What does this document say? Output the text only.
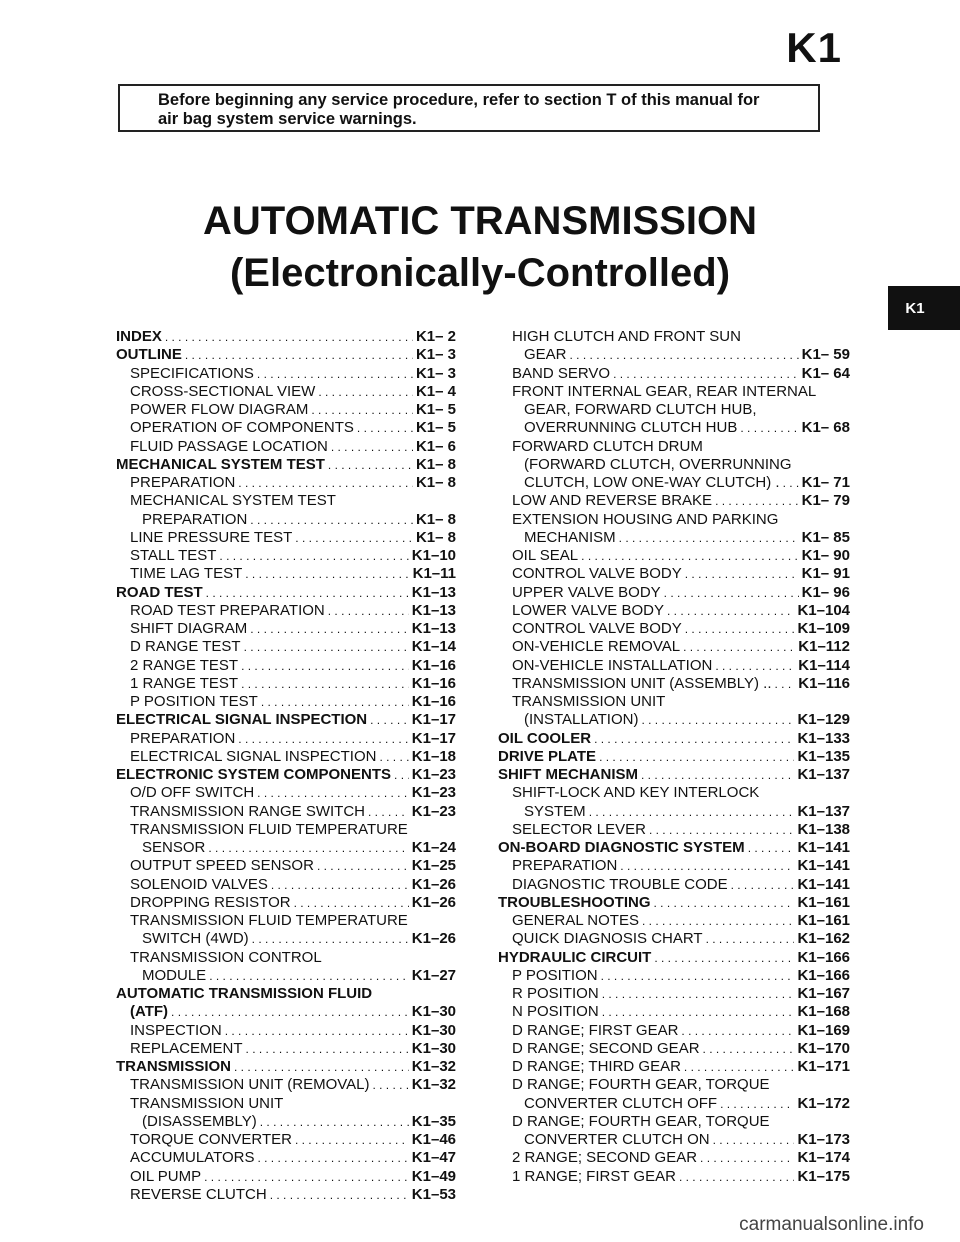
K1
Before beginning any service procedure, refer to section T of this manual for
air bag system service warnings.
AUTOMATIC TRANSMISSION
(Electronically-Controlled)
K1
INDEX . . .	K1– 2
OUTLINE . . .	K1– 3
SPECIFICATIONS . . .	K1– 3
CROSS-SECTIONAL VIEW . . .	K1– 4
POWER FLOW DIAGRAM . . .	K1– 5
OPERATION OF COMPONENTS . . .	K1– 5
FLUID PASSAGE LOCATION . . .	K1– 6
MECHANICAL SYSTEM TEST . . .	K1– 8
PREPARATION . . .	K1– 8
MECHANICAL SYSTEM TEST
PREPARATION . . .	K1– 8
LINE PRESSURE TEST . . .	K1– 8
STALL TEST . . .	K1–10
TIME LAG TEST . . .	K1–11
ROAD TEST . . .	K1–13
ROAD TEST PREPARATION . . .	K1–13
SHIFT DIAGRAM . . .	K1–13
D RANGE TEST . . .	K1–14
2 RANGE TEST . . .	K1–16
1 RANGE TEST . . .	K1–16
P POSITION TEST . . .	K1–16
ELECTRICAL SIGNAL INSPECTION . . .	K1–17
PREPARATION . . .	K1–17
ELECTRICAL SIGNAL INSPECTION . . . K1–18
ELECTRONIC SYSTEM COMPONENTS . . . K1–23
O/D OFF SWITCH . . .	K1–23
TRANSMISSION RANGE SWITCH . . .	K1–23
TRANSMISSION FLUID TEMPERATURE
SENSOR . . .	K1–24
OUTPUT SPEED SENSOR . . .	K1–25
SOLENOID VALVES . . .	K1–26
DROPPING RESISTOR . . .	K1–26
TRANSMISSION FLUID TEMPERATURE
SWITCH (4WD) . . .	K1–26
TRANSMISSION CONTROL
MODULE . . .	K1–27
AUTOMATIC TRANSMISSION FLUID
(ATF) . . .	K1–30
INSPECTION . . .	K1–30
REPLACEMENT . . .	K1–30
TRANSMISSION . . .	K1–32
TRANSMISSION UNIT (REMOVAL) . . .	K1–32
TRANSMISSION UNIT
(DISASSEMBLY) . . .	K1–35
TORQUE CONVERTER . . .	K1–46
ACCUMULATORS . . .	K1–47
OIL PUMP . . .	K1–49
REVERSE CLUTCH . . .	K1–53
HIGH CLUTCH AND FRONT SUN
GEAR . . .	K1– 59
BAND SERVO . . .	K1– 64
FRONT INTERNAL GEAR, REAR INTERNAL
GEAR, FORWARD CLUTCH HUB,
OVERRUNNING CLUTCH HUB . . .	K1– 68
FORWARD CLUTCH DRUM
(FORWARD CLUTCH, OVERRUNNING
CLUTCH, LOW ONE-WAY CLUTCH) . . . . K1– 71
LOW AND REVERSE BRAKE . . .	K1– 79
EXTENSION HOUSING AND PARKING
MECHANISM . . .	K1– 85
OIL SEAL . . .	K1– 90
CONTROL VALVE BODY . . .	K1– 91
UPPER VALVE BODY . . .	K1– 96
LOWER VALVE BODY . . .	K1–104
CONTROL VALVE BODY . . .	K1–109
ON-VEHICLE REMOVAL . . .	K1–112
ON-VEHICLE INSTALLATION . . .	K1–114
TRANSMISSION UNIT (ASSEMBLY) .. . . . K1–116
TRANSMISSION UNIT
(INSTALLATION) . . .	K1–129
OIL COOLER . . .	K1–133
DRIVE PLATE . . .	K1–135
SHIFT MECHANISM . . .	K1–137
SHIFT-LOCK AND KEY INTERLOCK
SYSTEM . . .	K1–137
SELECTOR LEVER . . .	K1–138
ON-BOARD DIAGNOSTIC SYSTEM . . .	K1–141
PREPARATION . . .	K1–141
DIAGNOSTIC TROUBLE CODE . . .	K1–141
TROUBLESHOOTING . . .	K1–161
GENERAL NOTES . . .	K1–161
QUICK DIAGNOSIS CHART . . .	K1–162
HYDRAULIC CIRCUIT . . .	K1–166
P POSITION . . .	K1–166
R POSITION . . .	K1–167
N POSITION . . .	K1–168
D RANGE; FIRST GEAR . . .	K1–169
D RANGE; SECOND GEAR . . .	K1–170
D RANGE; THIRD GEAR . . .	K1–171
D RANGE; FOURTH GEAR, TORQUE
CONVERTER CLUTCH OFF . . .	K1–172
D RANGE; FOURTH GEAR, TORQUE
CONVERTER CLUTCH ON . . .	K1–173
2 RANGE; SECOND GEAR . . .	K1–174
1 RANGE; FIRST GEAR . . .	K1–175
carmanualsonline.info
